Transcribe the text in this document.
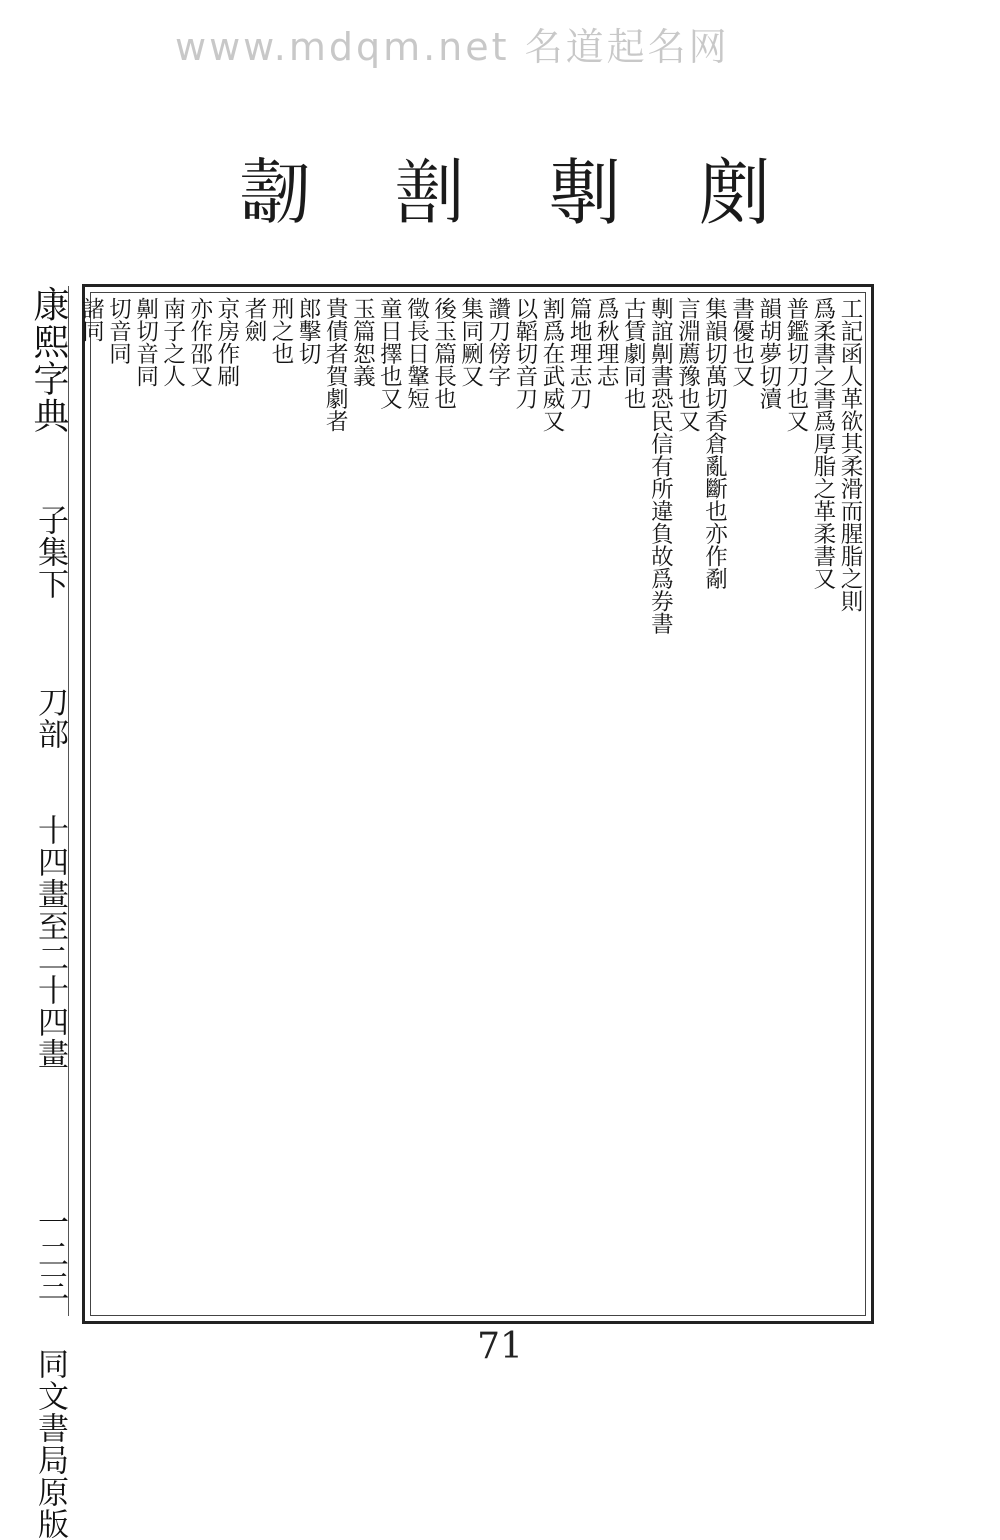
www.mdqm.net 名道起名网
剫
剸
𠟤
𠠐
康熙字典
子集下
刀部
十四畫至二十四畫
一二三
同文書局原版
工記函人革欲其柔滑而腥脂之則
爲柔書之書爲厚脂之革柔書又
普鑑切刀也又
韻胡夢切瀆
書優也又
集韻切萬切香倉亂斷也亦作劀
言淵薦豫也又
剸誼劓書恐民信有所違負故爲券書
古賃劇同也
爲秋理志
篇地理志刀
割爲在武威又
以韜切音刀
讚刀傍字
集同劂又
後玉篇長也
徵長日鞶短
童日擇也又
玉篇恕義
貴債者賀劇者
郎擊切
刑之也
者劍
京房作刷
亦作邵又
南子之人
劓切音同
切音同
諸同
71
